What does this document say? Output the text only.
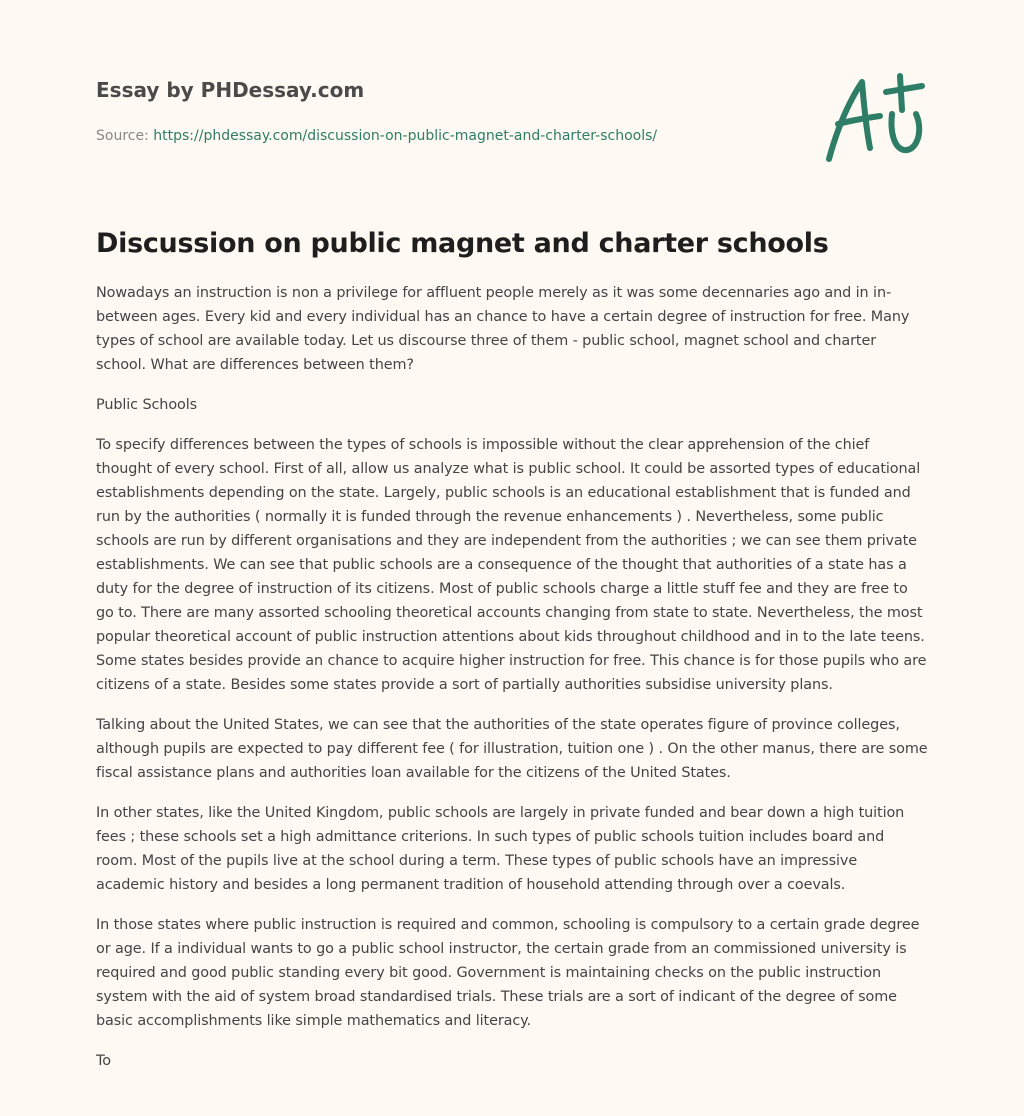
Essay by PHDessay.com
Source: https://phdessay.com/discussion-on-public-magnet-and-charter-schools/
Discussion on public magnet and charter schools

Nowadays an instruction is non a privilege for affluent people merely as it was some decennaries ago and in in-between ages. Every kid and every individual has an chance to have a certain degree of instruction for free. Many types of school are available today. Let us discourse three of them - public school, magnet school and charter school. What are differences between them?

Public Schools

To specify differences between the types of schools is impossible without the clear apprehension of the chief thought of every school. First of all, allow us analyze what is public school. It could be assorted types of educational establishments depending on the state. Largely, public schools is an educational establishment that is funded and run by the authorities ( normally it is funded through the revenue enhancements ) . Nevertheless, some public schools are run by different organisations and they are independent from the authorities ; we can see them private establishments. We can see that public schools are a consequence of the thought that authorities of a state has a duty for the degree of instruction of its citizens. Most of public schools charge a little stuff fee and they are free to go to. There are many assorted schooling theoretical accounts changing from state to state. Nevertheless, the most popular theoretical account of public instruction attentions about kids throughout childhood and in to the late teens. Some states besides provide an chance to acquire higher instruction for free. This chance is for those pupils who are citizens of a state. Besides some states provide a sort of partially authorities subsidise university plans.

Talking about the United States, we can see that the authorities of the state operates figure of province colleges, although pupils are expected to pay different fee ( for illustration, tuition one ) . On the other manus, there are some fiscal assistance plans and authorities loan available for the citizens of the United States.

In other states, like the United Kingdom, public schools are largely in private funded and bear down a high tuition fees ; these schools set a high admittance criterions. In such types of public schools tuition includes board and room. Most of the pupils live at the school during a term. These types of public schools have an impressive academic history and besides a long permanent tradition of household attending through over a coevals.

In those states where public instruction is required and common, schooling is compulsory to a certain grade degree or age. If a individual wants to go a public school instructor, the certain grade from an commissioned university is required and good public standing every bit good. Government is maintaining checks on the public instruction system with the aid of system broad standardised trials. These trials are a sort of indicant of the degree of some basic accomplishments like simple mathematics and literacy.

To
